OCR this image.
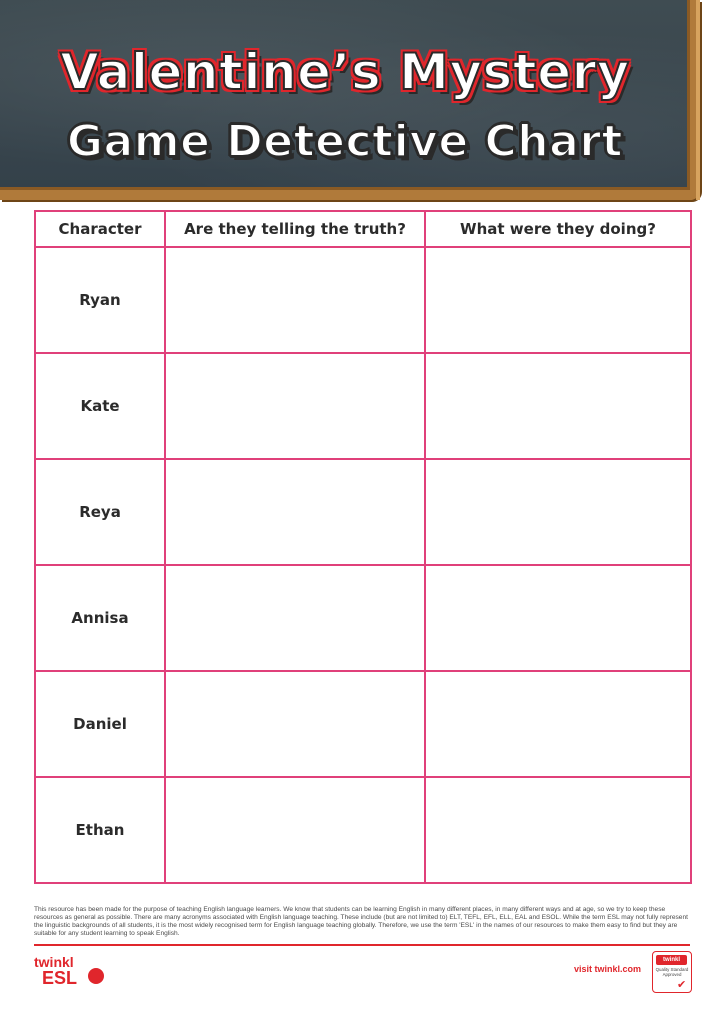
Valentine’s Mystery
Game Detective Chart
Character	Are they telling the truth?	What were they doing?
Ryan		
Kate		
Reya		
Annisa		
Daniel		
Ethan		

This resource has been made for the purpose of teaching English language learners. We know that students can be learning English in many different places, in many different ways and at age, so we try to keep these resources as general as possible. There are many acronyms associated with English language teaching. These include (but are not limited to) ELT, TEFL, EFL, ELL, EAL and ESOL. While the term ESL may not fully represent the linguistic backgrounds of all students, it is the most widely recognised term for English language teaching globally. Therefore, we use the term 'ESL' in the names of our resources to make them easy to find but they are suitable for any student learning to speak English.

twinkl
ESL	visit twinkl.com
twinkl
Quality Standard Approved
✔
